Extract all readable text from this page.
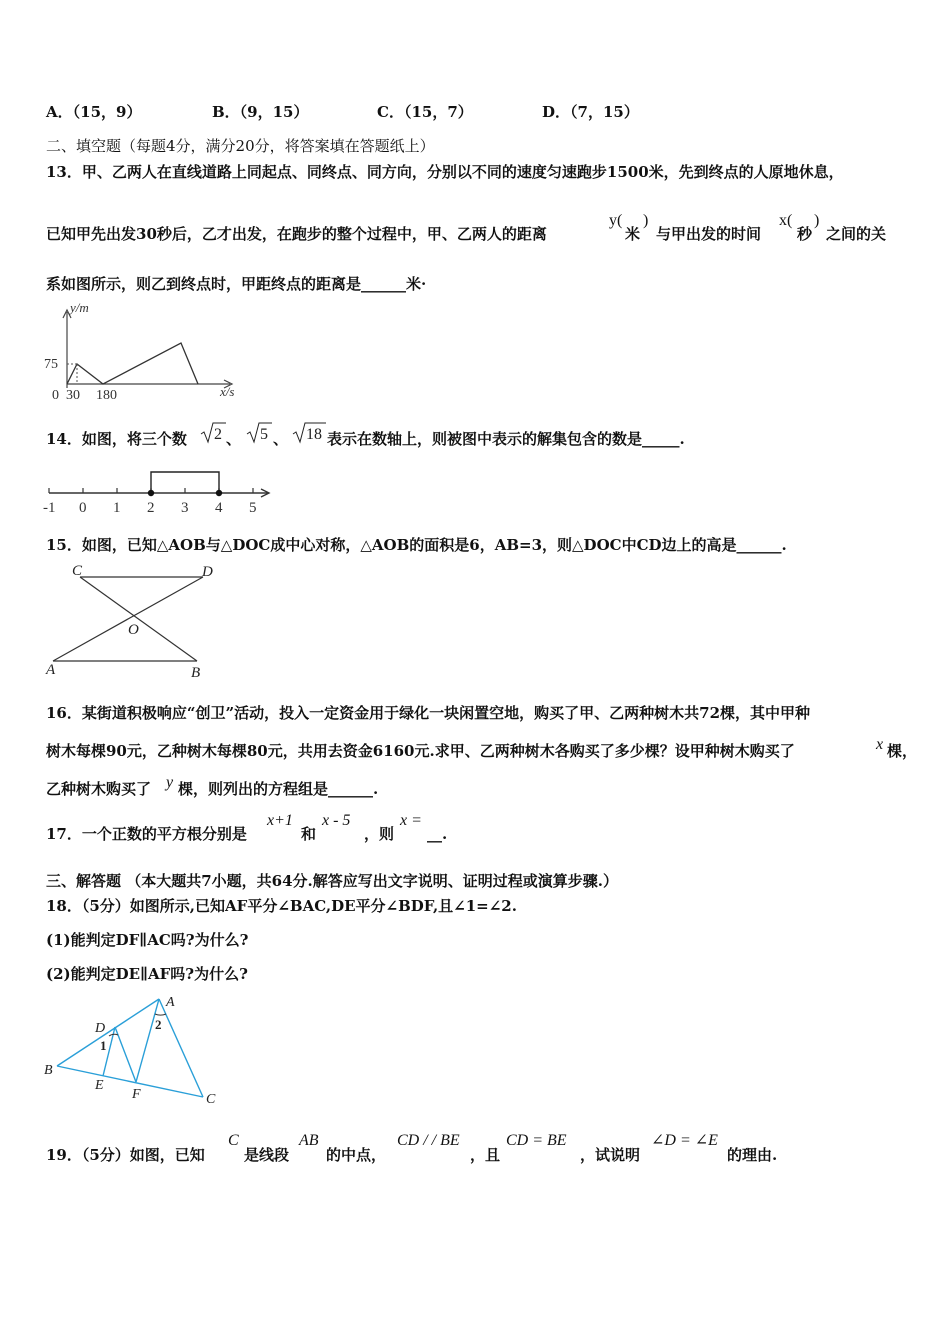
A．（15，9）	B．（9，15）	C．（15，7）	D．（7，15）
二、填空题（每题4分，满分20分，将答案填在答题纸上）
13．甲、乙两人在直线道路上同起点、同终点、同方向，分别以不同的速度匀速跑步1500米，先到终点的人原地休息，
已知甲先出发30秒后，乙才出发，在跑步的整个过程中，甲、乙两人的距离
y(
米
)
与甲出发的时间
x(
秒
)
之间的关
系如图所示，则乙到终点时，甲距终点的距离是______米·
y/m
x/s
75
0 30 180
14．如图，将三个数 2 、 5 、 18 表示在数轴上，则被图中表示的解集包含的数是_____.
-1 0 1 2 3 4 5
15．如图，已知△AOB与△DOC成中心对称，△AOB的面积是6，AB=3，则△DOC中CD边上的高是______.
C	D
O
A	B
16．某街道积极响应“创卫”活动，投入一定资金用于绿化一块闲置空地，购买了甲、乙两种树木共72棵，其中甲种
树木每棵90元，乙种树木每棵80元，共用去资金6160元.求甲、乙两种树木各购买了多少棵？设甲种树木购买了	x 棵，
乙种树木购买了 y 棵，则列出的方程组是______.
17．一个正数的平方根分别是
x+1
和
x - 5
，则
x =
__.
三、解答题 （本大题共7小题，共64分.解答应写出文字说明、证明过程或演算步骤.）
18．（5分）如图所示,已知AF平分∠BAC,DE平分∠BDF,且∠1=∠2.
(1)能判定DF∥AC吗?为什么?
(2)能判定DE∥AF吗?为什么?
A
B
C
D
E
F
1
2
19．（5分）如图，已知
C
是线段
AB
的中点，
CD / / BE
，且
CD = BE
，试说明
∠D = ∠E
的理由.
